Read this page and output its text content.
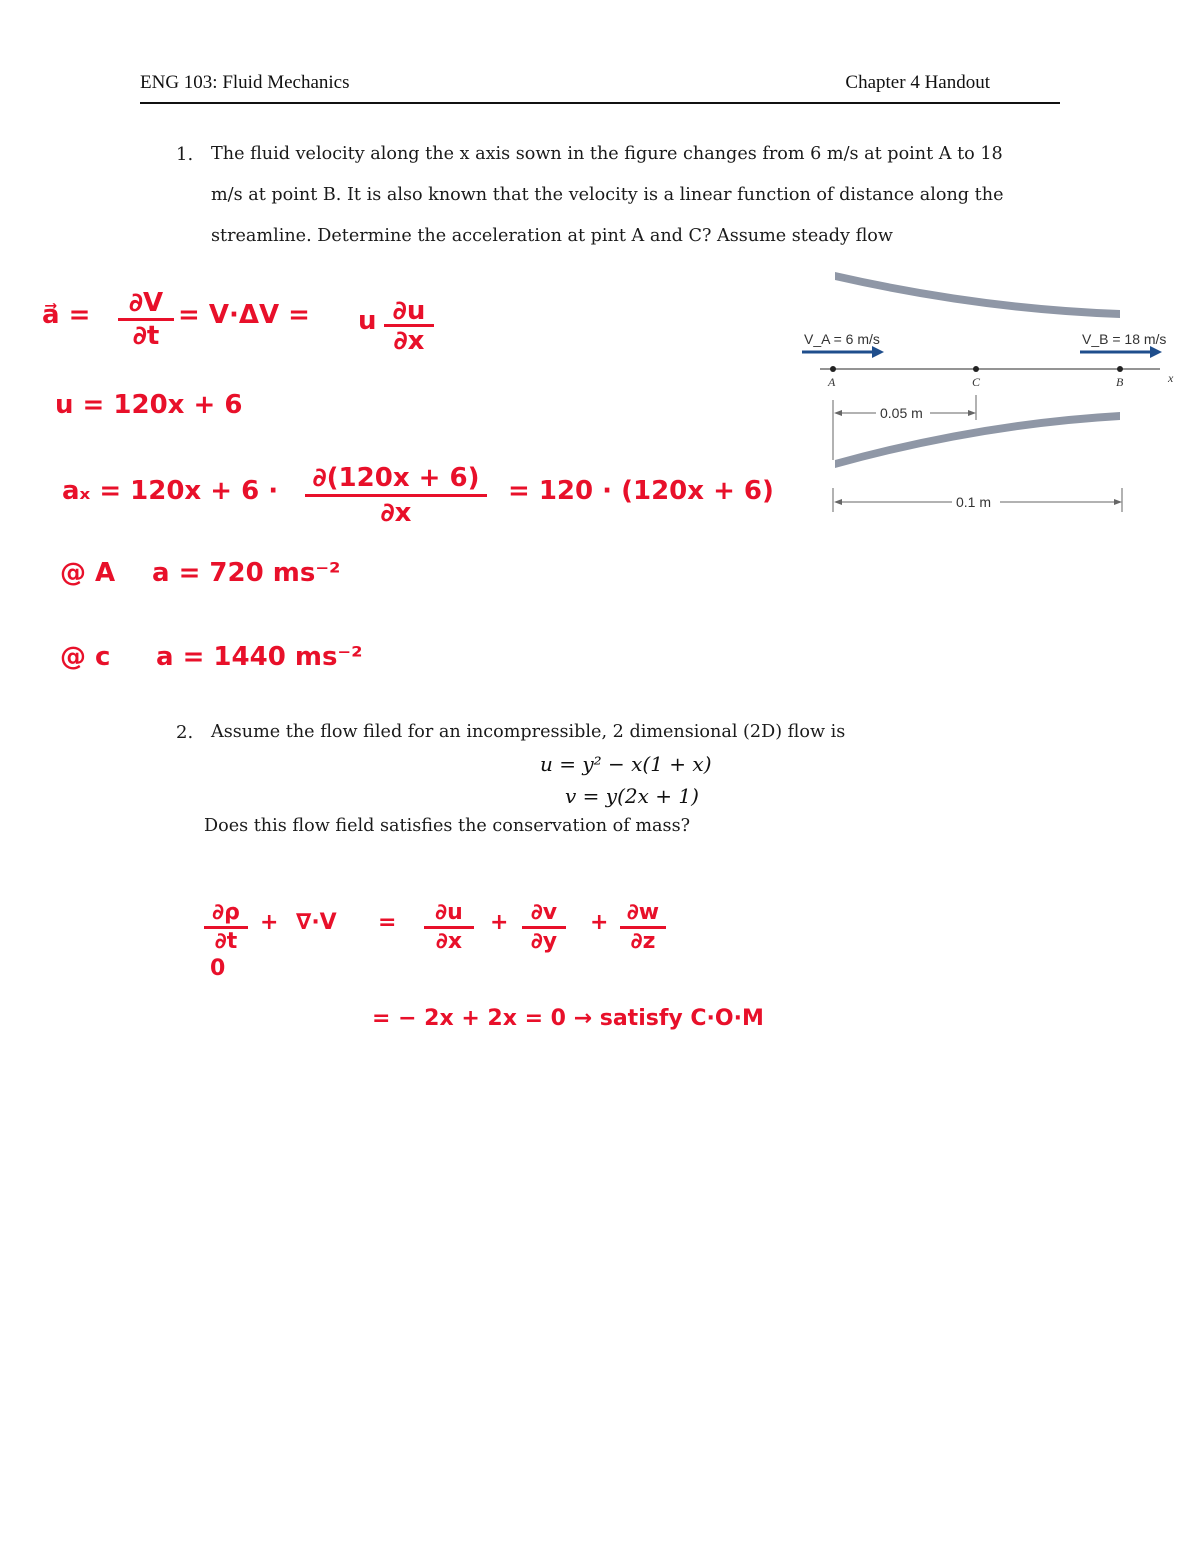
ENG 103: Fluid Mechanics	Chapter 4 Handout
1.	The fluid velocity along the x axis sown in the figure changes from 6 m/s at point A to 18
m/s at point B. It is also known that the velocity is a linear function of distance along the
streamline. Determine the acceleration at pint A and C? Assume steady flow
V_A = 6 m/s	V_B = 18 m/s
A	C	B	x
0.05 m
0.1 m
a⃗ =	∂V
∂t
= V·ΔV = u ∂u
∂x
u = 120x + 6
aₓ = 120x + 6 · ∂(120x + 6)
∂x
= 120 · (120x + 6)
@ A a = 720 ms⁻²
@ c a = 1440 ms⁻²
2.	Assume the flow filed for an incompressible, 2 dimensional (2D) flow is
u = y² − x(1 + x)
v = y(2x + 1)
Does this flow field satisfies the conservation of mass?
∂ρ
∂t
0
+ ∇·V =	∂u
∂x
+	∂v
∂y
+ ∂w
∂z
= − 2x + 2x = 0 → satisfy C·O·M
